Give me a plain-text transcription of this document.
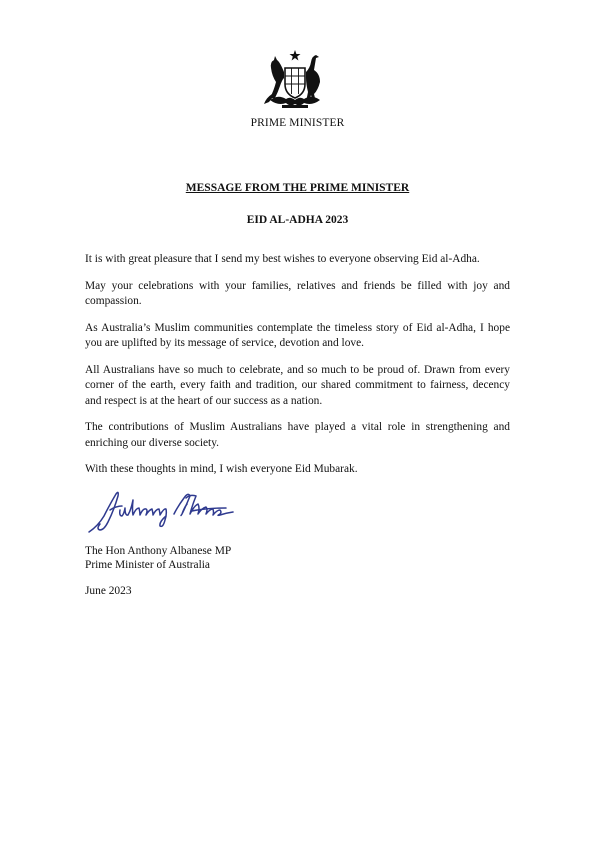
PRIME MINISTER
MESSAGE FROM THE PRIME MINISTER
EID AL-ADHA 2023

It is with great pleasure that I send my best wishes to everyone observing Eid al-Adha.

May your celebrations with your families, relatives and friends be filled with joy and compassion.

As Australia’s Muslim communities contemplate the timeless story of Eid al-Adha, I hope you are uplifted by its message of service, devotion and love.

All Australians have so much to celebrate, and so much to be proud of. Drawn from every corner of the earth, every faith and tradition, our shared commitment to fairness, decency and respect is at the heart of our success as a nation.

The contributions of Muslim Australians have played a vital role in strengthening and enriching our diverse society.

With these thoughts in mind, I wish everyone Eid Mubarak.

The Hon Anthony Albanese MP
Prime Minister of Australia
June 2023
